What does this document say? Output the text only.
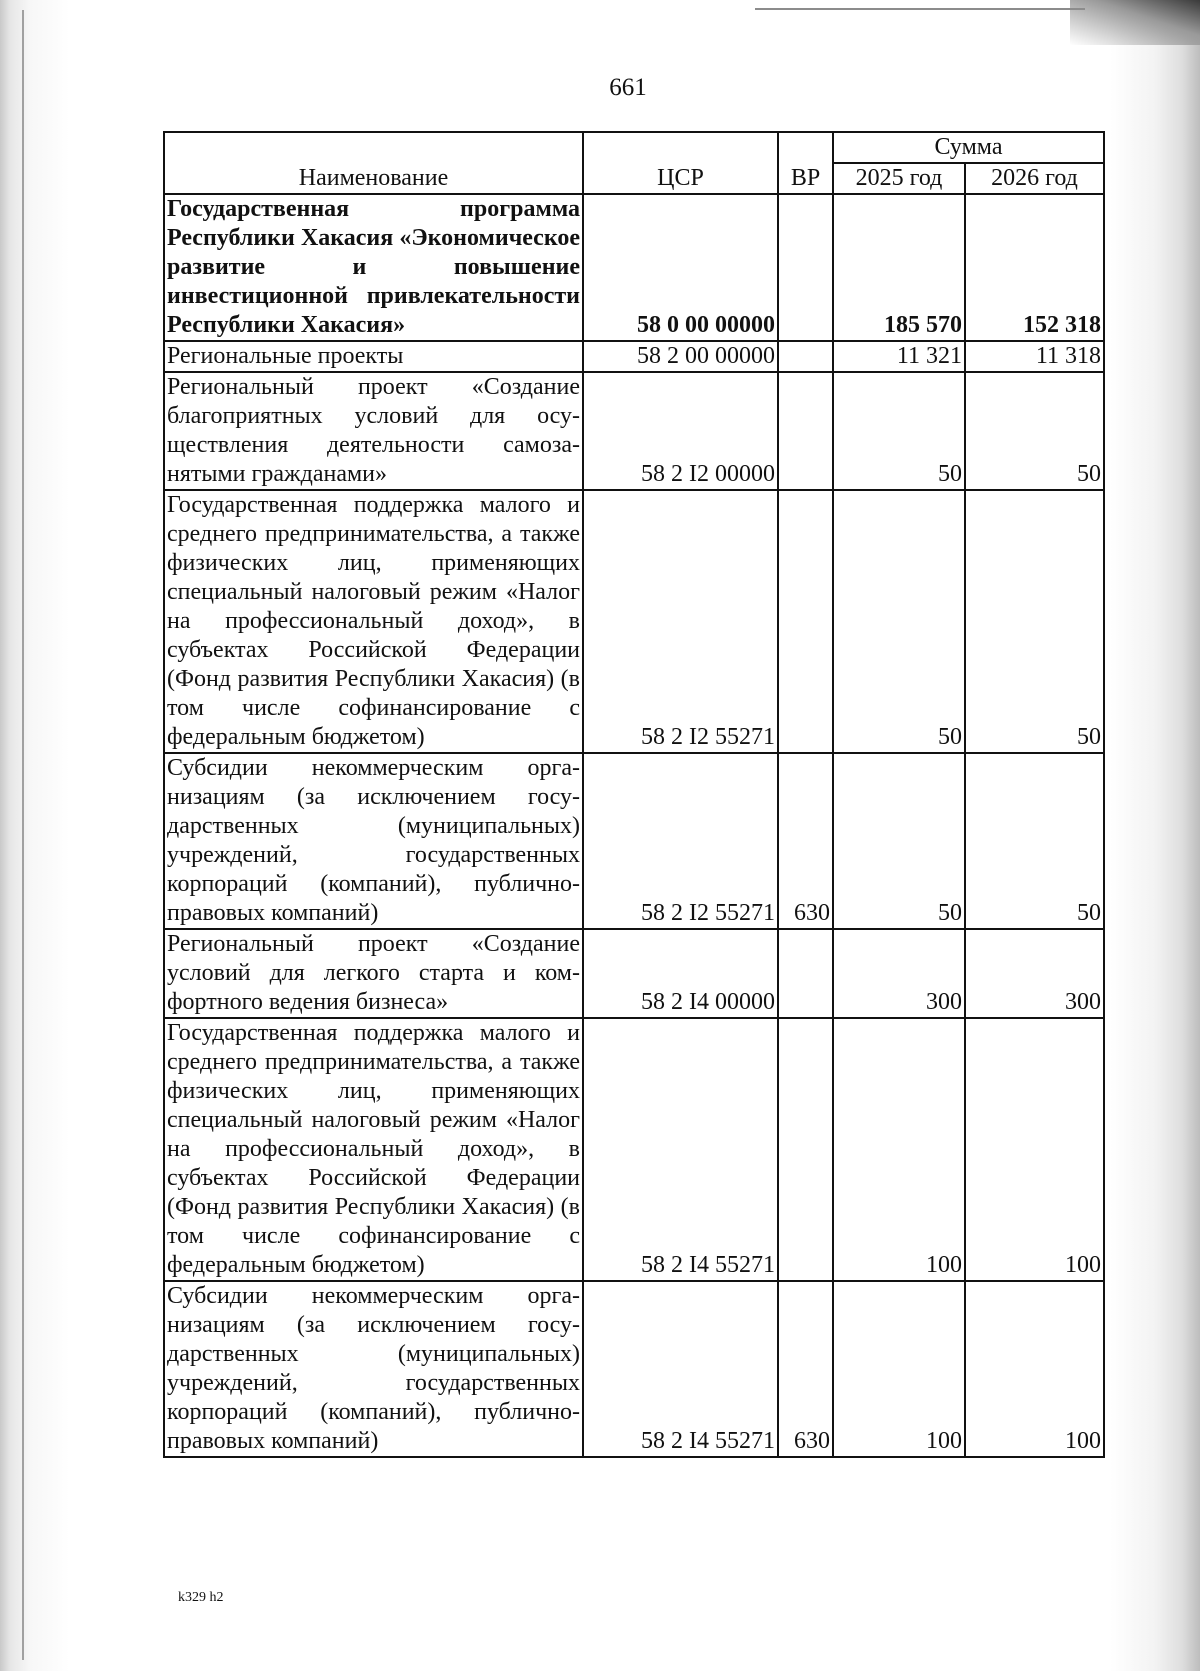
661
Наименование	ЦСР	ВР	Сумма	
			2025 год	2026 год
Государственная программа Республики Хакасия «Экономическое развитие и повышение инвестиционной привлекательности Республики Хакасия»	58 0 00 00000		185 570	152 318
Региональные проекты	58 2 00 00000		11 321	11 318
Региональный проект «Создание благоприятных условий для осуществления деятельности самозанятыми гражданами»	58 2 I2 00000		50	50
Государственная поддержка малого и среднего предпринимательства, а также физических лиц, применяющих специальный налоговый режим «Налог на профессиональный доход», в субъектах Российской Федерации (Фонд развития Республики Хакасия) (в том числе софинансирование с федеральным бюджетом)	58 2 I2 55271		50	50
Субсидии некоммерческим организациям (за исключением государственных (муниципальных) учреждений, государственных корпораций (компаний), публично-правовых компаний)	58 2 I2 55271	630	50	50
Региональный проект «Создание условий для легкого старта и комфортного ведения бизнеса»	58 2 I4 00000		300	300
Государственная поддержка малого и среднего предпринимательства, а также физических лиц, применяющих специальный налоговый режим «Налог на профессиональный доход», в субъектах Российской Федерации (Фонд развития Республики Хакасия) (в том числе софинансирование с федеральным бюджетом)	58 2 I4 55271		100	100
Субсидии некоммерческим организациям (за исключением государственных (муниципальных) учреждений, государственных корпораций (компаний), публично-правовых компаний)	58 2 I4 55271	630	100	100
k329 h2
